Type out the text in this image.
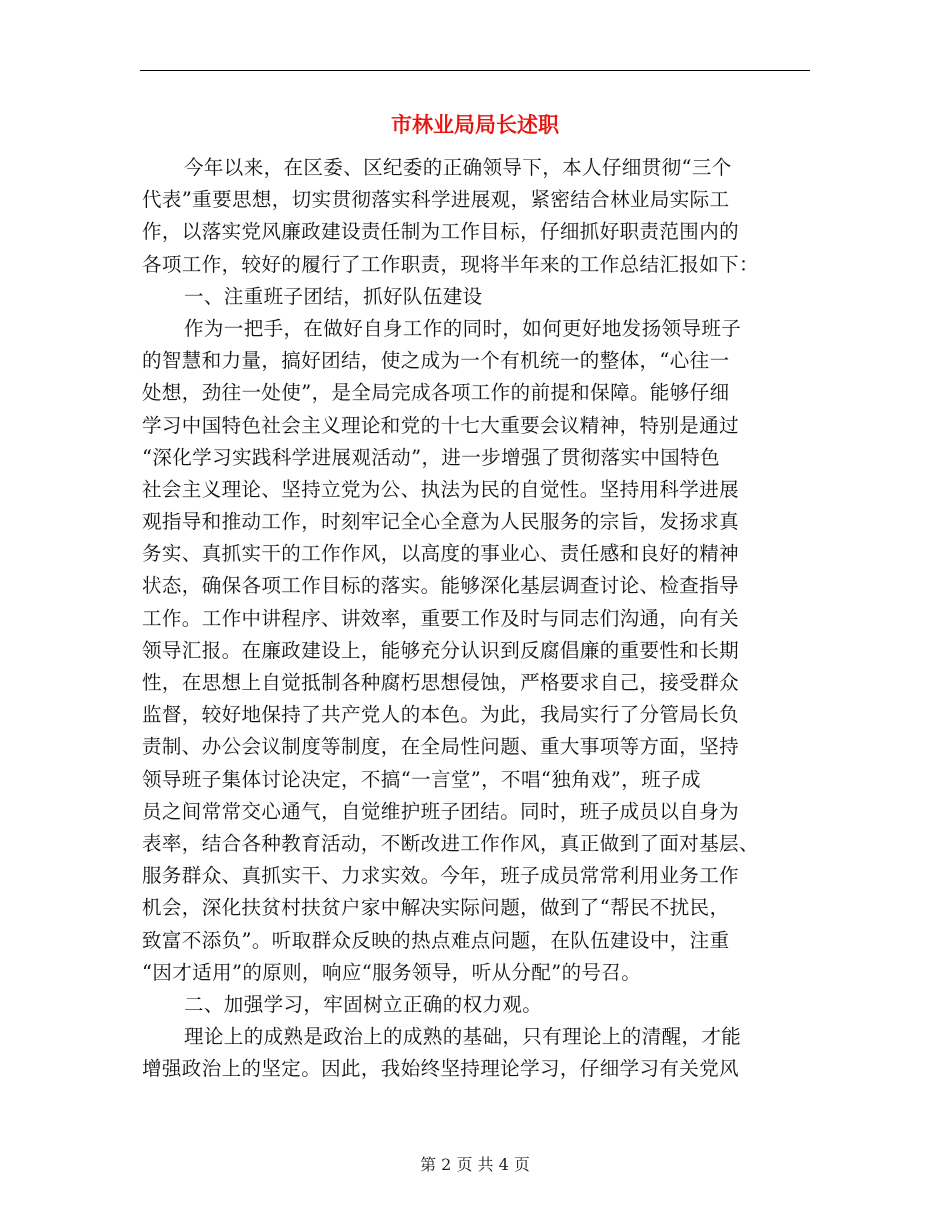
市林业局局长述职
今年以来，在区委、区纪委的正确领导下，本人仔细贯彻“三个
代表”重要思想，切实贯彻落实科学进展观，紧密结合林业局实际工
作，以落实党风廉政建设责任制为工作目标，仔细抓好职责范围内的
各项工作，较好的履行了工作职责，现将半年来的工作总结汇报如下：
一、注重班子团结，抓好队伍建设
作为一把手，在做好自身工作的同时，如何更好地发扬领导班子
的智慧和力量，搞好团结，使之成为一个有机统一的整体，“心往一
处想，劲往一处使”，是全局完成各项工作的前提和保障。能够仔细
学习中国特色社会主义理论和党的十七大重要会议精神，特别是通过
“深化学习实践科学进展观活动”，进一步增强了贯彻落实中国特色
社会主义理论、坚持立党为公、执法为民的自觉性。坚持用科学进展
观指导和推动工作，时刻牢记全心全意为人民服务的宗旨，发扬求真
务实、真抓实干的工作作风，以高度的事业心、责任感和良好的精神
状态，确保各项工作目标的落实。能够深化基层调查讨论、检查指导
工作。工作中讲程序、讲效率，重要工作及时与同志们沟通，向有关
领导汇报。在廉政建设上，能够充分认识到反腐倡廉的重要性和长期
性，在思想上自觉抵制各种腐朽思想侵蚀，严格要求自己，接受群众
监督，较好地保持了共产党人的本色。为此，我局实行了分管局长负
责制、办公会议制度等制度，在全局性问题、重大事项等方面，坚持
领导班子集体讨论决定，不搞“一言堂”，不唱“独角戏”，班子成
员之间常常交心通气，自觉维护班子团结。同时，班子成员以自身为
表率，结合各种教育活动，不断改进工作作风，真正做到了面对基层、
服务群众、真抓实干、力求实效。今年，班子成员常常利用业务工作
机会，深化扶贫村扶贫户家中解决实际问题，做到了“帮民不扰民，
致富不添负”。听取群众反映的热点难点问题，在队伍建设中，注重
“因才适用”的原则，响应“服务领导，听从分配”的号召。
二、加强学习，牢固树立正确的权力观。
理论上的成熟是政治上的成熟的基础，只有理论上的清醒，才能
增强政治上的坚定。因此，我始终坚持理论学习，仔细学习有关党风
第 2 页 共 4 页
